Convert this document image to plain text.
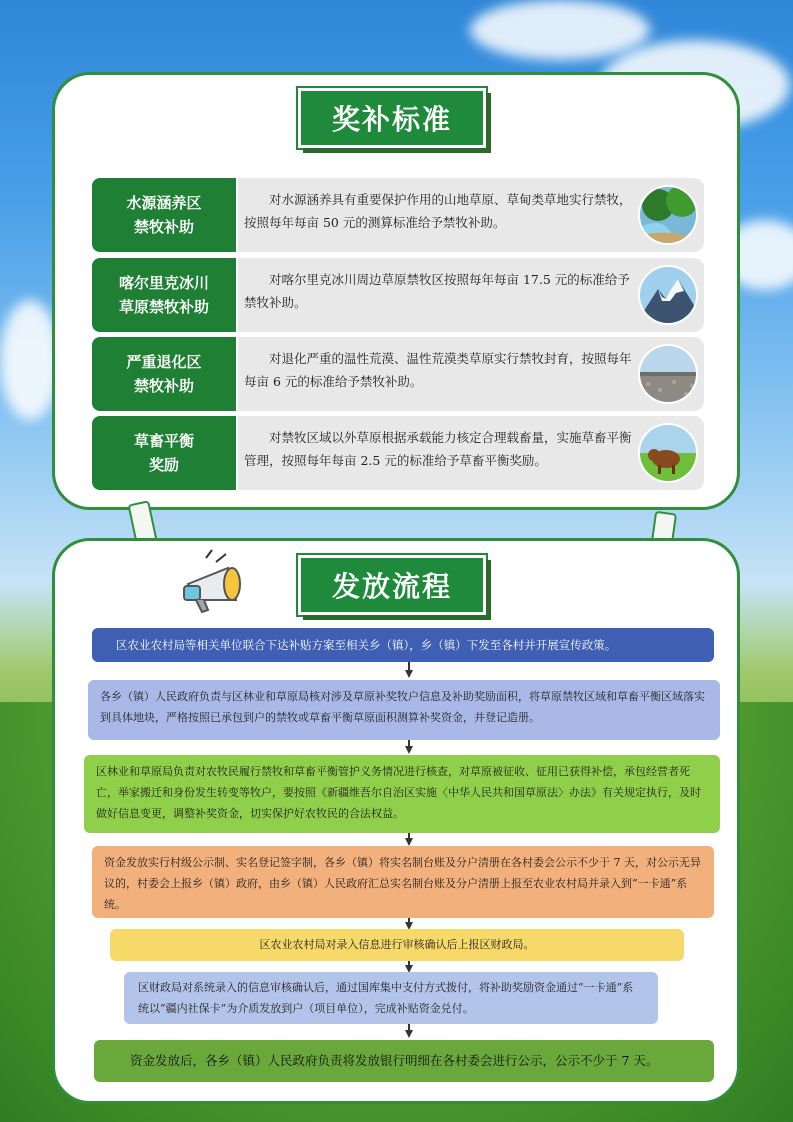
奖补标准
水源涵养区
禁牧补助
对水源涵养具有重要保护作用的山地草原、草甸类草地实行禁牧，按照每年每亩 50 元的测算标准给予禁牧补助。
喀尔里克冰川
草原禁牧补助
对喀尔里克冰川周边草原禁牧区按照每年每亩 17.5 元的标准给予禁牧补助。
严重退化区
禁牧补助
对退化严重的温性荒漠、温性荒漠类草原实行禁牧封育，按照每年每亩 6 元的标准给予禁牧补助。
草畜平衡
奖励
对禁牧区域以外草原根据承载能力核定合理载畜量，实施草畜平衡管理，按照每年每亩 2.5 元的标准给予草畜平衡奖励。
发放流程
区农业农村局等相关单位联合下达补贴方案至相关乡（镇），乡（镇）下发至各村并开展宣传政策。
各乡（镇）人民政府负责与区林业和草原局核对涉及草原补奖牧户信息及补助奖励面积，将草原禁牧区域和草畜平衡区域落实到具体地块，严格按照已承包到户的禁牧或草畜平衡草原面积测算补奖资金，并登记造册。
区林业和草原局负责对农牧民履行禁牧和草畜平衡管护义务情况进行核查，对草原被征收、征用已获得补偿，承包经营者死亡，举家搬迁和身份发生转变等牧户，要按照《新疆维吾尔自治区实施〈中华人民共和国草原法〉办法》有关规定执行，及时做好信息变更，调整补奖资金，切实保护好农牧民的合法权益。
资金发放实行村级公示制、实名登记签字制，各乡（镇）将实名制台账及分户清册在各村委会公示不少于 7 天，对公示无异议的，村委会上报乡（镇）政府，由乡（镇）人民政府汇总实名制台账及分户清册上报至农业农村局并录入到“一卡通”系统。
区农业农村局对录入信息进行审核确认后上报区财政局。
区财政局对系统录入的信息审核确认后，通过国库集中支付方式拨付，将补助奖励资金通过“一卡通”系统以“疆内社保卡”为介质发放到户（项目单位），完成补贴资金兑付。
资金发放后，各乡（镇）人民政府负责将发放银行明细在各村委会进行公示，公示不少于 7 天。
